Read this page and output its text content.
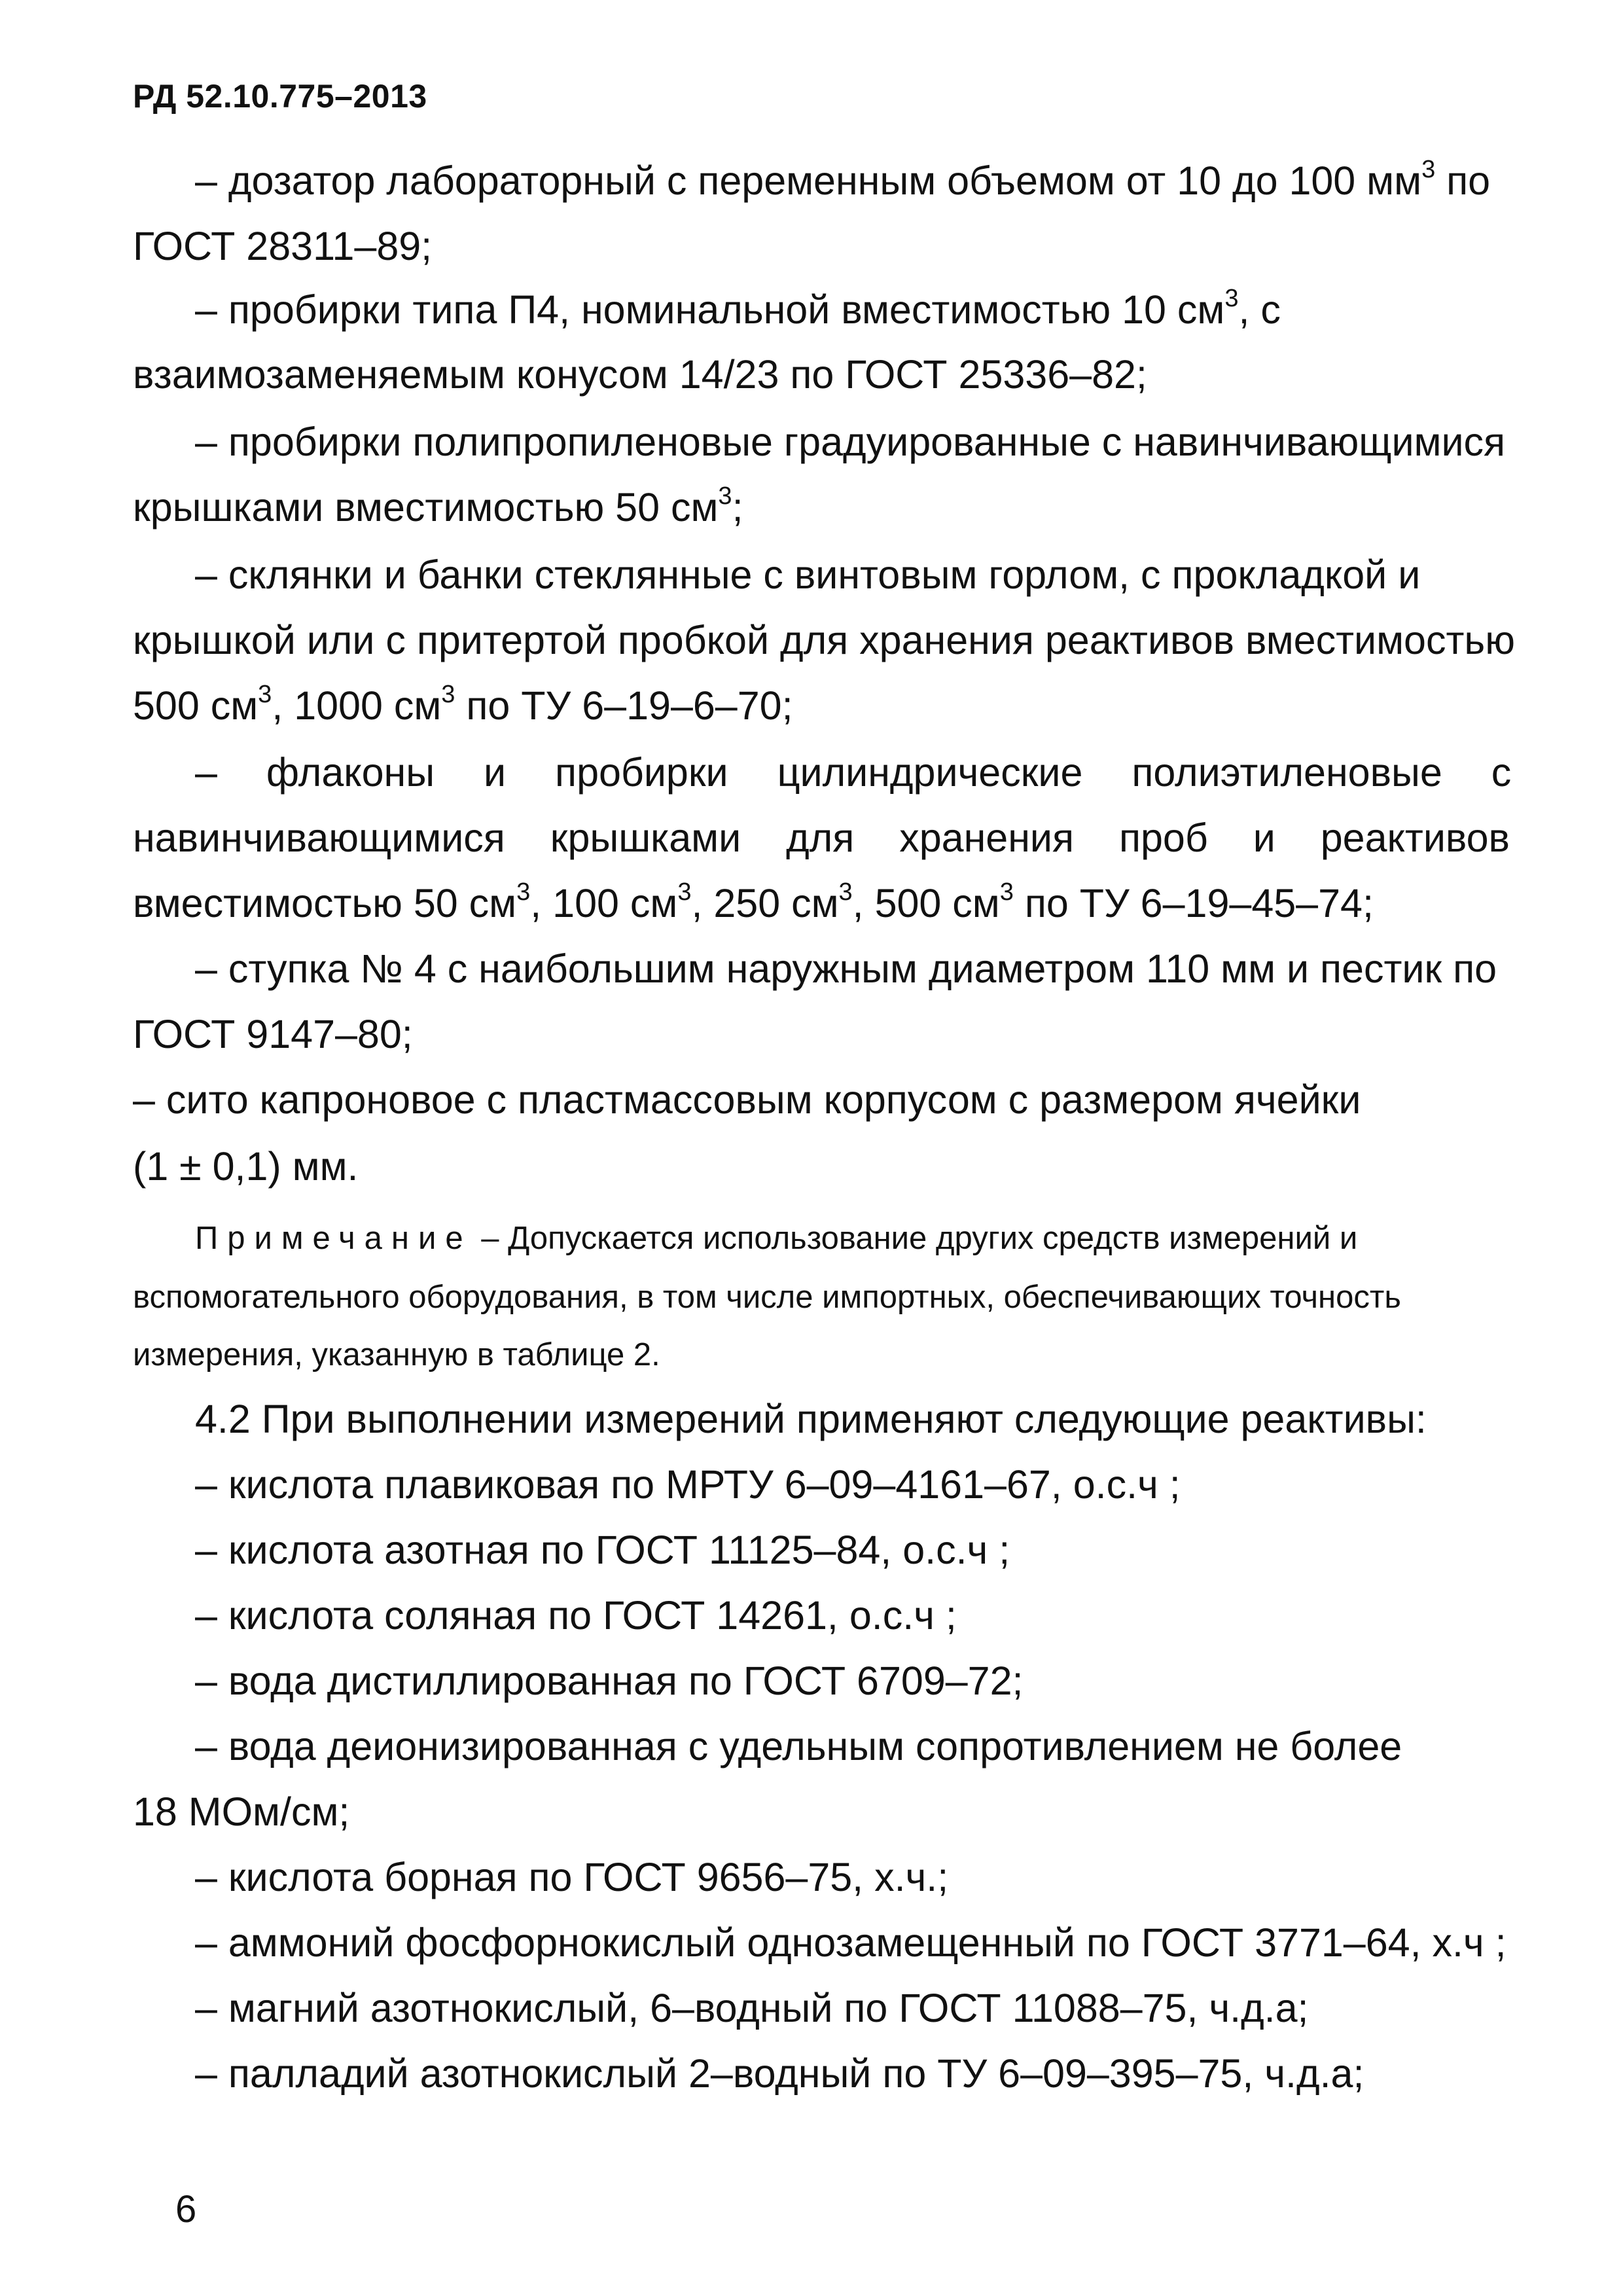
РД 52.10.775–2013
– дозатор лабораторный с переменным объемом от 10 до 100 $мм^3$ по
ГОСТ 28311–89;
– пробирки типа П4, номинальной вместимостью 10 $см^3$, с
взаимозаменяемым конусом 14/23 по ГОСТ 25336–82;
– пробирки полипропиленовые градуированные с навинчивающимися
крышками вместимостью 50 $см^3$;
– склянки и банки стеклянные с винтовым горлом, с прокладкой и
крышкой или с притертой пробкой для хранения реактивов вместимостью
500 $см^3$, 1000 $см^3$ по ТУ 6–19–6–70;
– флаконы и пробирки цилиндрические полиэтиленовые с
навинчивающимися крышками для хранения проб и реактивов
вместимостью 50 $см^3$, 100 $см^3$, 250 $см^3$, 500 $см^3$ по ТУ 6–19–45–74;
– ступка № 4 с наибольшим наружным диаметром 110 мм и пестик по
ГОСТ 9147–80;
– сито капроновое с пластмассовым корпусом с размером ячейки
(1 ± 0,1) мм.
Примечание – Допускается использование других средств измерений и
вспомогательного оборудования, в том числе импортных, обеспечивающих точность
измерения, указанную в таблице 2.
4.2 При выполнении измерений применяют следующие реактивы:
– кислота плавиковая по МРТУ 6–09–4161–67, о.с.ч ;
– кислота азотная по ГОСТ 11125–84, о.с.ч ;
– кислота соляная по ГОСТ 14261, о.с.ч ;
– вода дистиллированная по ГОСТ 6709–72;
– вода деионизированная с удельным сопротивлением не более
18 МОм/см;
– кислота борная по ГОСТ 9656–75, х.ч.;
– аммоний фосфорнокислый однозамещенный по ГОСТ 3771–64, х.ч ;
– магний азотнокислый, 6–водный по ГОСТ 11088–75, ч.д.а;
– палладий азотнокислый 2–водный по ТУ 6–09–395–75, ч.д.а;
6
